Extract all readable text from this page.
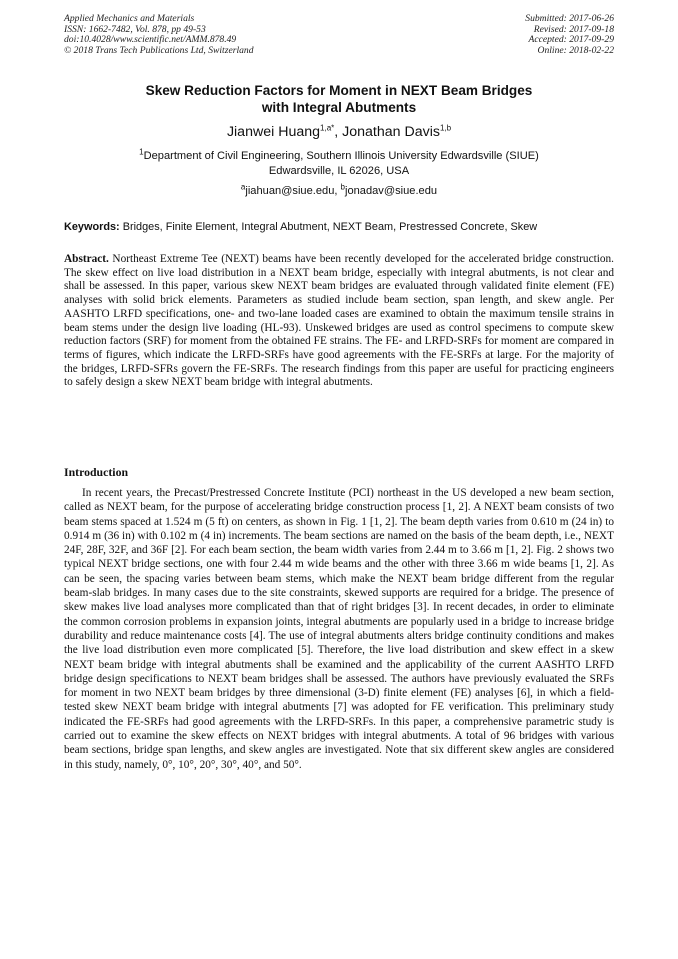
Applied Mechanics and Materials
ISSN: 1662-7482, Vol. 878, pp 49-53
doi:10.4028/www.scientific.net/AMM.878.49
© 2018 Trans Tech Publications Ltd, Switzerland
Submitted: 2017-06-26
Revised: 2017-09-18
Accepted: 2017-09-29
Online: 2018-02-22
Skew Reduction Factors for Moment in NEXT Beam Bridges
with Integral Abutments
Jianwei Huang$^{1,a*}$, Jonathan Davis$^{1,b}$
$^1$Department of Civil Engineering, Southern Illinois University Edwardsville (SIUE)
Edwardsville, IL 62026, USA
$^a$jiahuan@siue.edu, $^b$jonadav@siue.edu
Keywords: Bridges, Finite Element, Integral Abutment, NEXT Beam, Prestressed Concrete, Skew
Abstract. Northeast Extreme Tee (NEXT) beams have been recently developed for the accelerated bridge construction. The skew effect on live load distribution in a NEXT beam bridge, especially with integral abutments, is not clear and shall be assessed. In this paper, various skew NEXT beam bridges are evaluated through validated finite element (FE) analyses with solid brick elements. Parameters as studied include beam section, span length, and skew angle. Per AASHTO LRFD specifications, one- and two-lane loaded cases are examined to obtain the maximum tensile strains in beam stems under the design live loading (HL-93). Unskewed bridges are used as control specimens to compute skew reduction factors (SRF) for moment from the obtained FE strains. The FE- and LRFD-SRFs for moment are compared in terms of figures, which indicate the LRFD-SRFs have good agreements with the FE-SRFs at large. For the majority of the bridges, LRFD-SFRs govern the FE-SRFs. The research findings from this paper are useful for practicing engineers to safely design a skew NEXT beam bridge with integral abutments.
Introduction

In recent years, the Precast/Prestressed Concrete Institute (PCI) northeast in the US developed a new beam section, called as NEXT beam, for the purpose of accelerating bridge construction process [1, 2]. A NEXT beam consists of two beam stems spaced at 1.524 m (5 ft) on centers, as shown in Fig. 1 [1, 2]. The beam depth varies from 0.610 m (24 in) to 0.914 m (36 in) with 0.102 m (4 in) increments. The beam sections are named on the basis of the beam depth, i.e., NEXT 24F, 28F, 32F, and 36F [2]. For each beam section, the beam width varies from 2.44 m to 3.66 m [1, 2]. Fig. 2 shows two typical NEXT bridge sections, one with four 2.44 m wide beams and the other with three 3.66 m wide beams [1, 2]. As can be seen, the spacing varies between beam stems, which make the NEXT beam bridge different from the regular beam-slab bridges. In many cases due to the site constraints, skewed supports are required for a bridge. The presence of skew makes live load analyses more complicated than that of right bridges [3]. In recent decades, in order to eliminate the common corrosion problems in expansion joints, integral abutments are popularly used in a bridge to increase bridge durability and reduce maintenance costs [4]. The use of integral abutments alters bridge continuity conditions and makes the live load distribution even more complicated [5]. Therefore, the live load distribution and skew effect in a skew NEXT beam bridge with integral abutments shall be examined and the applicability of the current AASHTO LRFD bridge design specifications to NEXT beam bridges shall be assessed. The authors have previously evaluated the SRFs for moment in two NEXT beam bridges by three dimensional (3-D) finite element (FE) analyses [6], in which a field-tested skew NEXT beam bridge with integral abutments [7] was adopted for FE verification. This preliminary study indicated the FE-SRFs had good agreements with the LRFD-SRFs. In this paper, a comprehensive parametric study is carried out to examine the skew effects on NEXT bridges with integral abutments. A total of 96 bridges with various beam sections, bridge span lengths, and skew angles are investigated. Note that six different skew angles are considered in this study, namely, 0°, 10°, 20°, 30°, 40°, and 50°.
